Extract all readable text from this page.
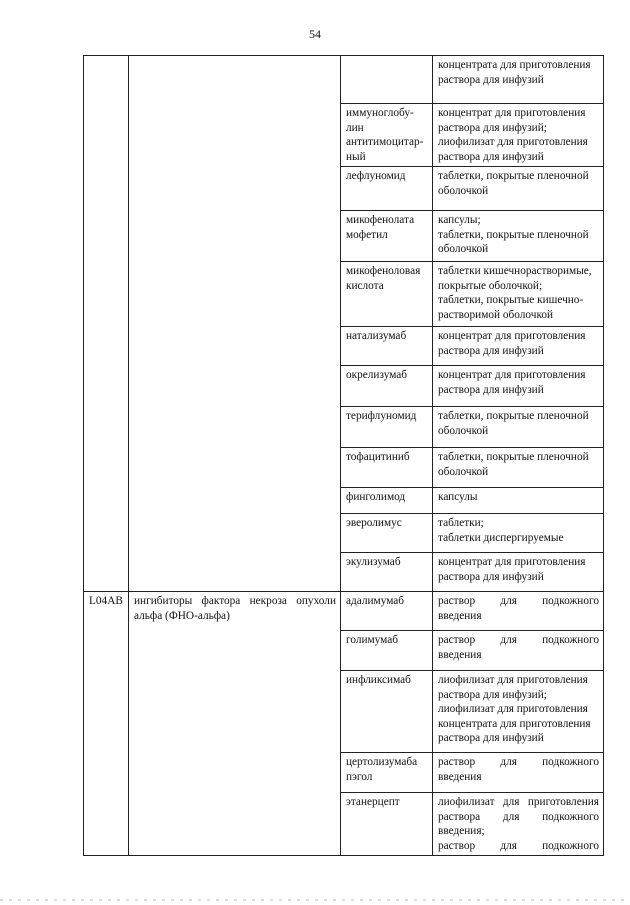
54

			концентрата для приготовления раствора для инфузий

		иммуноглобу-лин антитимоцитар-ный	концентрат для приготовления раствора для инфузий;
лиофилизат для приготовления раствора для инфузий

		лефлуномид	таблетки, покрытые пленочной оболочкой

		микофенолата мофетил	капсулы;
таблетки, покрытые пленочной оболочкой

		микофеноловая кислота	таблетки кишечнорастворимые, покрытые оболочкой;
таблетки, покрытые кишечно-растворимой оболочкой

		натализумаб	концентрат для приготовления раствора для инфузий

		окрелизумаб	концентрат для приготовления раствора для инфузий

		терифлуномид	таблетки, покрытые пленочной оболочкой

		тофацитиниб	таблетки, покрытые пленочной оболочкой

		финголимод	капсулы

		эверолимус	таблетки;
таблетки диспергируемые

		экулизумаб	концентрат для приготовления раствора для инфузий

L04AB	ингибиторы фактора некроза опухоли альфа (ФНО-альфа)	адалимумаб	раствор для подкожного введения

		голимумаб	раствор для подкожного введения

		инфликсимаб	лиофилизат для приготовления раствора для инфузий;
лиофилизат для приготовления концентрата для приготовления раствора для инфузий

		цертолизумаба пэгол	раствор для подкожного введения

		этанерцепт	лиофилизат для приготовления раствора для подкожного введения;
раствор для подкожного
